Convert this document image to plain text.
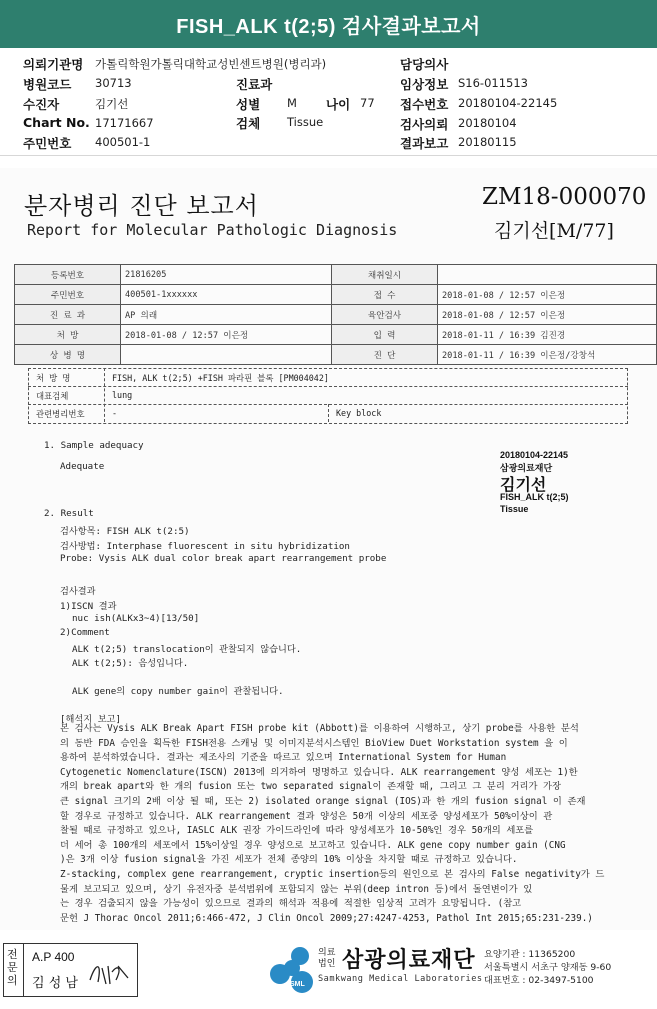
FISH_ALK t(2;5) 검사결과보고서
의뢰기관명 가톨릭학원가톨릭대학교성빈센트병원(병리과)	담당의사
병원코드 30713	진료과	임상정보 S16-011513
수진자	김기선	성별 M 나이 77 접수번호 20180104-22145
Chart No. 17171667	검체 Tissue	검사의뢰 20180104
주민번호 400501-1	결과보고 20180115
분자병리 진단 보고서
Report for Molecular Pathologic Diagnosis
ZM18-000070
김기선[M/77]
등록번호	21816205	채취일시	
주민번호	400501-1xxxxxx	접 수	2018-01-08 / 12:57 이은정
진 료 과	AP 의래	육안검사	2018-01-08 / 12:57 이은정
처 방	2018-01-08 / 12:57 이은정	입 력	2018-01-11 / 16:39 김진경
상 병 명		진 단	2018-01-11 / 16:39 이은정/강창석
처 방 명	FISH, ALK t(2;5) +FISH 파라핀 블록 [PM004042]
대표검체	lung
관련병리번호	-	Key block
1. Sample adequacy
Adequate
20180104-22145
삼광의료재단
김기선
FISH_ALK t(2;5)
Tissue
2. Result
검사항목: FISH ALK t(2:5)
검사방법: Interphase fluorescent in situ hybridization
Probe: Vysis ALK dual color break apart rearrangement probe
검사결과
1)ISCN 결과
nuc ish(ALKx3~4)[13/50]
2)Comment
ALK t(2;5) translocation이 관찰되지 않습니다.
ALK t(2;5): 음성입니다.
ALK gene의 copy number gain이 관찰됩니다.
[해석지 보고]
본 검사는 Vysis ALK Break Apart FISH probe kit (Abbott)를 이용하여 시행하고, 상기 probe를 사용한 분석
의 동반 FDA 승인을 획득한 FISH전용 스캐닝 및 이미지분석시스템인 BioView Duet Workstation system 을 이
용하여 분석하였습니다. 결과는 제조사의 기준을 따르고 있으며 International System for Human
Cytogenetic Nomenclature(ISCN) 2013에 의거하여 명명하고 있습니다. ALK rearrangement 양성 세포는 1)한
개의 break apart와 한 개의 fusion 또는 two separated signal이 존재할 때, 그리고 그 분리 거리가 가장
큰 signal 크기의 2배 이상 될 때, 또는 2) isolated orange signal (IOS)과 한 개의 fusion signal 이 존재
할 경우로 규정하고 있습니다. ALK rearrangement 결과 양성은 50개 이상의 세포중 양성세포가 50%이상이 관
찰될 때로 규정하고 있으나, IASLC ALK 권장 가이드라인에 따라 양성세포가 10-50%인 경우 50개의 세포를
더 세어 총 100개의 세포에서 15%이상일 경우 양성으로 보고하고 있습니다. ALK gene copy number gain (CNG
)은 3개 이상 fusion signal을 가진 세포가 전체 종양의 10% 이상을 차지할 때로 규정하고 있습니다.
Z-stacking, complex gene rearrangement, cryptic insertion등의 원인으로 본 검사의 False negativity가 드
물게 보고되고 있으며, 상기 유전자중 분석범위에 포함되지 않는 부위(deep intron 등)에서 돌연변이가 있
는 경우 검출되지 않을 가능성이 있으므로 결과의 해석과 적용에 적절한 임상적 고려가 요망됩니다. (참고
문헌 J Thorac Oncol 2011;6:466-472, J Clin Oncol 2009;27:4247-4253, Pathol Int 2015;65:231-239.)
전문의
A.P 400
김 성 남	SML
의료
법인 삼광의료재단
Samkwang Medical Laboratories
요양기관 : 11365200
서울특별시 서초구 양재동 9-60
대표번호 : 02-3497-5100
